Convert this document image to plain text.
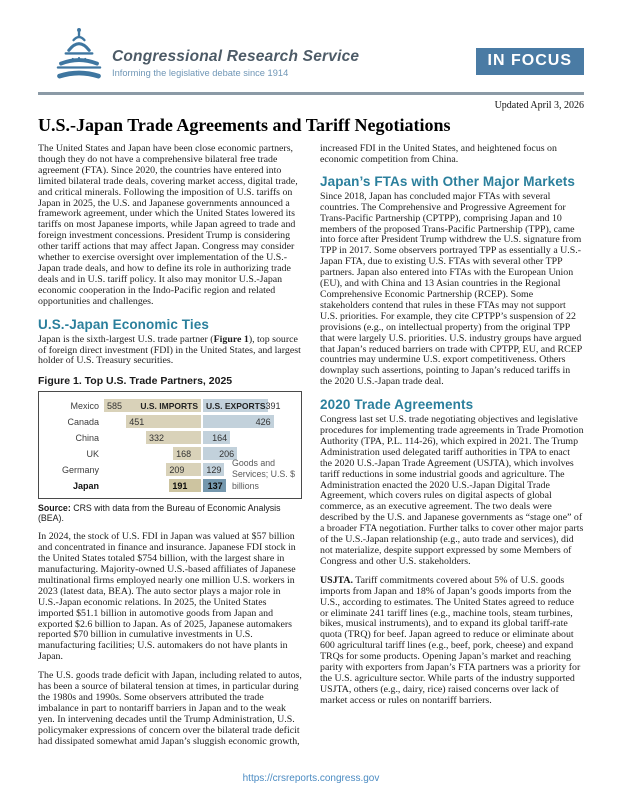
Congressional Research Service
Informing the legislative debate since 1914
IN FOCUS
Updated April 3, 2026
U.S.-Japan Trade Agreements and Tariff Negotiations

The United States and Japan have been close economic partners, though they do not have a comprehensive bilateral free trade agreement (FTA). Since 2020, the countries have entered into limited bilateral trade deals, covering market access, digital trade, and critical minerals. Following the imposition of U.S. tariffs on Japan in 2025, the U.S. and Japanese governments announced a framework agreement, under which the United States lowered its tariffs on most Japanese imports, while Japan agreed to trade and foreign investment concessions. President Trump is considering other tariff actions that may affect Japan. Congress may consider whether to exercise oversight over implementation of the U.S.-Japan trade deals, and how to define its role in authorizing trade deals and in U.S. tariff policy. It also may monitor U.S.-Japan economic cooperation in the Indo-Pacific region and related opportunities and challenges.

U.S.-Japan Economic Ties

Japan is the sixth-largest U.S. trade partner (Figure 1), top source of foreign direct investment (FDI) in the United States, and largest holder of U.S. Treasury securities.

Figure 1. Top U.S. Trade Partners, 2025
Mexico 585 U.S. IMPORTS U.S. EXPORTS 391
Canada	451	426
China	332	164
UK	168	206
Germany	209 129
Japan	191 137
Goods and Services; U.S. $ billions

Source: CRS with data from the Bureau of Economic Analysis (BEA).

In 2024, the stock of U.S. FDI in Japan was valued at $57 billion and concentrated in finance and insurance. Japanese FDI stock in the United States totaled $754 billion, with the largest share in manufacturing. Majority-owned U.S.-based affiliates of Japanese multinational firms employed nearly one million U.S. workers in 2023 (latest data, BEA). The auto sector plays a major role in U.S.-Japan economic relations. In 2025, the United States imported $51.1 billion in automotive goods from Japan and exported $2.6 billion to Japan. As of 2025, Japanese automakers reported $70 billion in cumulative investments in U.S. manufacturing facilities; U.S. automakers do not have plants in Japan.

The U.S. goods trade deficit with Japan, including related to autos, has been a source of bilateral tension at times, in particular during the 1980s and 1990s. Some observers attributed the trade imbalance in part to nontariff barriers in Japan and to the weak yen. In intervening decades until the Trump Administration, U.S. policymaker expressions of concern over the bilateral trade deficit had dissipated somewhat amid Japan’s sluggish economic growth,

increased FDI in the United States, and heightened focus on economic competition from China.

Japan’s FTAs with Other Major Markets

Since 2018, Japan has concluded major FTAs with several countries. The Comprehensive and Progressive Agreement for Trans-Pacific Partnership (CPTPP), comprising Japan and 10 members of the proposed Trans-Pacific Partnership (TPP), came into force after President Trump withdrew the U.S. signature from TPP in 2017. Some observers portrayed TPP as essentially a U.S.-Japan FTA, due to existing U.S. FTAs with several other TPP partners. Japan also entered into FTAs with the European Union (EU), and with China and 13 Asian countries in the Regional Comprehensive Economic Partnership (RCEP). Some stakeholders contend that rules in these FTAs may not support U.S. priorities. For example, they cite CPTPP’s suspension of 22 provisions (e.g., on intellectual property) from the original TPP that were largely U.S. priorities. U.S. industry groups have argued that Japan’s reduced barriers on trade with CPTPP, EU, and RCEP countries may undermine U.S. export competitiveness. Others downplay such assertions, pointing to Japan’s reduced tariffs in the 2020 U.S.-Japan trade deal.

2020 Trade Agreements

Congress last set U.S. trade negotiating objectives and legislative procedures for implementing trade agreements in Trade Promotion Authority (TPA, P.L. 114-26), which expired in 2021. The Trump Administration used delegated tariff authorities in TPA to enact the 2020 U.S.-Japan Trade Agreement (USJTA), which involves tariff reductions in some industrial goods and agriculture. The Administration enacted the 2020 U.S.-Japan Digital Trade Agreement, which covers rules on digital aspects of global commerce, as an executive agreement. The two deals were described by the U.S. and Japanese governments as “stage one” of a broader FTA negotiation. Further talks to cover other major parts of the U.S.-Japan relationship (e.g., auto trade and services), did not materialize, despite support expressed by some Members of Congress and other U.S. stakeholders.

USJTA. Tariff commitments covered about 5% of U.S. goods imports from Japan and 18% of Japan’s goods imports from the U.S., according to estimates. The United States agreed to reduce or eliminate 241 tariff lines (e.g., machine tools, steam turbines, bikes, musical instruments), and to expand its global tariff-rate quota (TRQ) for beef. Japan agreed to reduce or eliminate about 600 agricultural tariff lines (e.g., beef, pork, cheese) and expand TRQs for some products. Opening Japan’s market and reaching parity with exporters from Japan’s FTA partners was a priority for the U.S. agriculture sector. While parts of the industry supported USJTA, others (e.g., dairy, rice) raised concerns over lack of market access or rules on nontariff barriers.

https://crsreports.congress.gov
